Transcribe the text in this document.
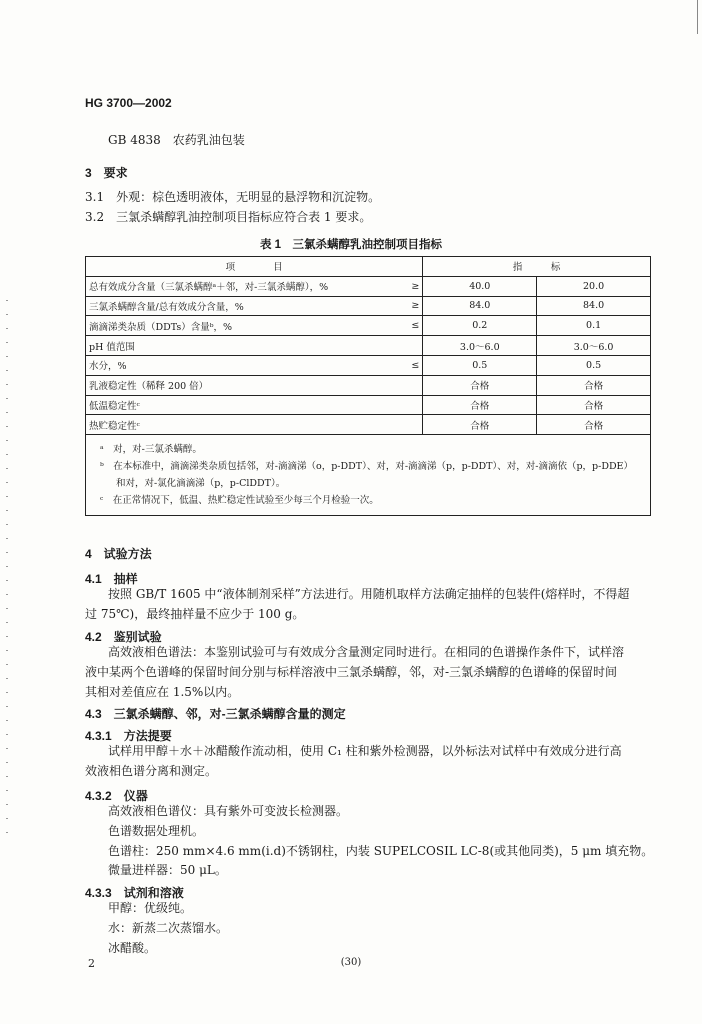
HG 3700—2002
GB 4838　农药乳油包装
3　要求
3.1　外观：棕色透明液体，无明显的悬浮物和沉淀物。
3.2　三氯杀螨醇乳油控制项目指标应符合表 1 要求。
表 1　三氯杀螨醇乳油控制项目指标
项　　　　目	指　　　标	

总有效成分含量（三氯杀螨醇ᵃ＋邻，对-三氯杀螨醇），% ≥	40.0	20.0

三氯杀螨醇含量/总有效成分含量，% ≥	84.0	84.0

滴滴涕类杂质（DDTs）含量ᵇ，% ≤	0.2	0.1

pH 值范围	3.0～6.0	3.0～6.0

水分，% ≤	0.5	0.5

乳液稳定性（稀释 200 倍）	合格	合格

低温稳定性ᶜ	合格	合格

热贮稳定性ᶜ	合格	合格

ᵃ　对，对-三氯杀螨醇。
ᵇ　在本标准中，滴滴涕类杂质包括邻，对-滴滴涕（o，p-DDT）、对，对-滴滴涕（p，p-DDT）、对，对-滴滴依（p，p-DDE）
和对，对-氯化滴滴涕（p，p-ClDDT）。
ᶜ　在正常情况下，低温、热贮稳定性试验至少每三个月检验一次。		
4　试验方法
4.1　抽样
按照 GB/T 1605 中“液体制剂采样”方法进行。用随机取样方法确定抽样的包装件(熔样时，不得超
过 75℃)，最终抽样量不应少于 100 g。
4.2　鉴别试验
高效液相色谱法：本鉴别试验可与有效成分含量测定同时进行。在相同的色谱操作条件下，试样溶
液中某两个色谱峰的保留时间分别与标样溶液中三氯杀螨醇，邻，对-三氯杀螨醇的色谱峰的保留时间
其相对差值应在 1.5%以内。
4.3　三氯杀螨醇、邻，对-三氯杀螨醇含量的测定
4.3.1　方法提要
试样用甲醇＋水＋冰醋酸作流动相，使用 C₁ 柱和紫外检测器，以外标法对试样中有效成分进行高
效液相色谱分离和测定。
4.3.2　仪器
高效液相色谱仪：具有紫外可变波长检测器。
色谱数据处理机。
色谱柱：250 mm×4.6 mm(i.d)不锈钢柱，内装 SUPELCOSIL LC-8(或其他同类)，5 μm 填充物。
微量进样器：50 μL。
4.3.3　试剂和溶液
甲醇：优级纯。
水：新蒸二次蒸馏水。
冰醋酸。
2	(30)
